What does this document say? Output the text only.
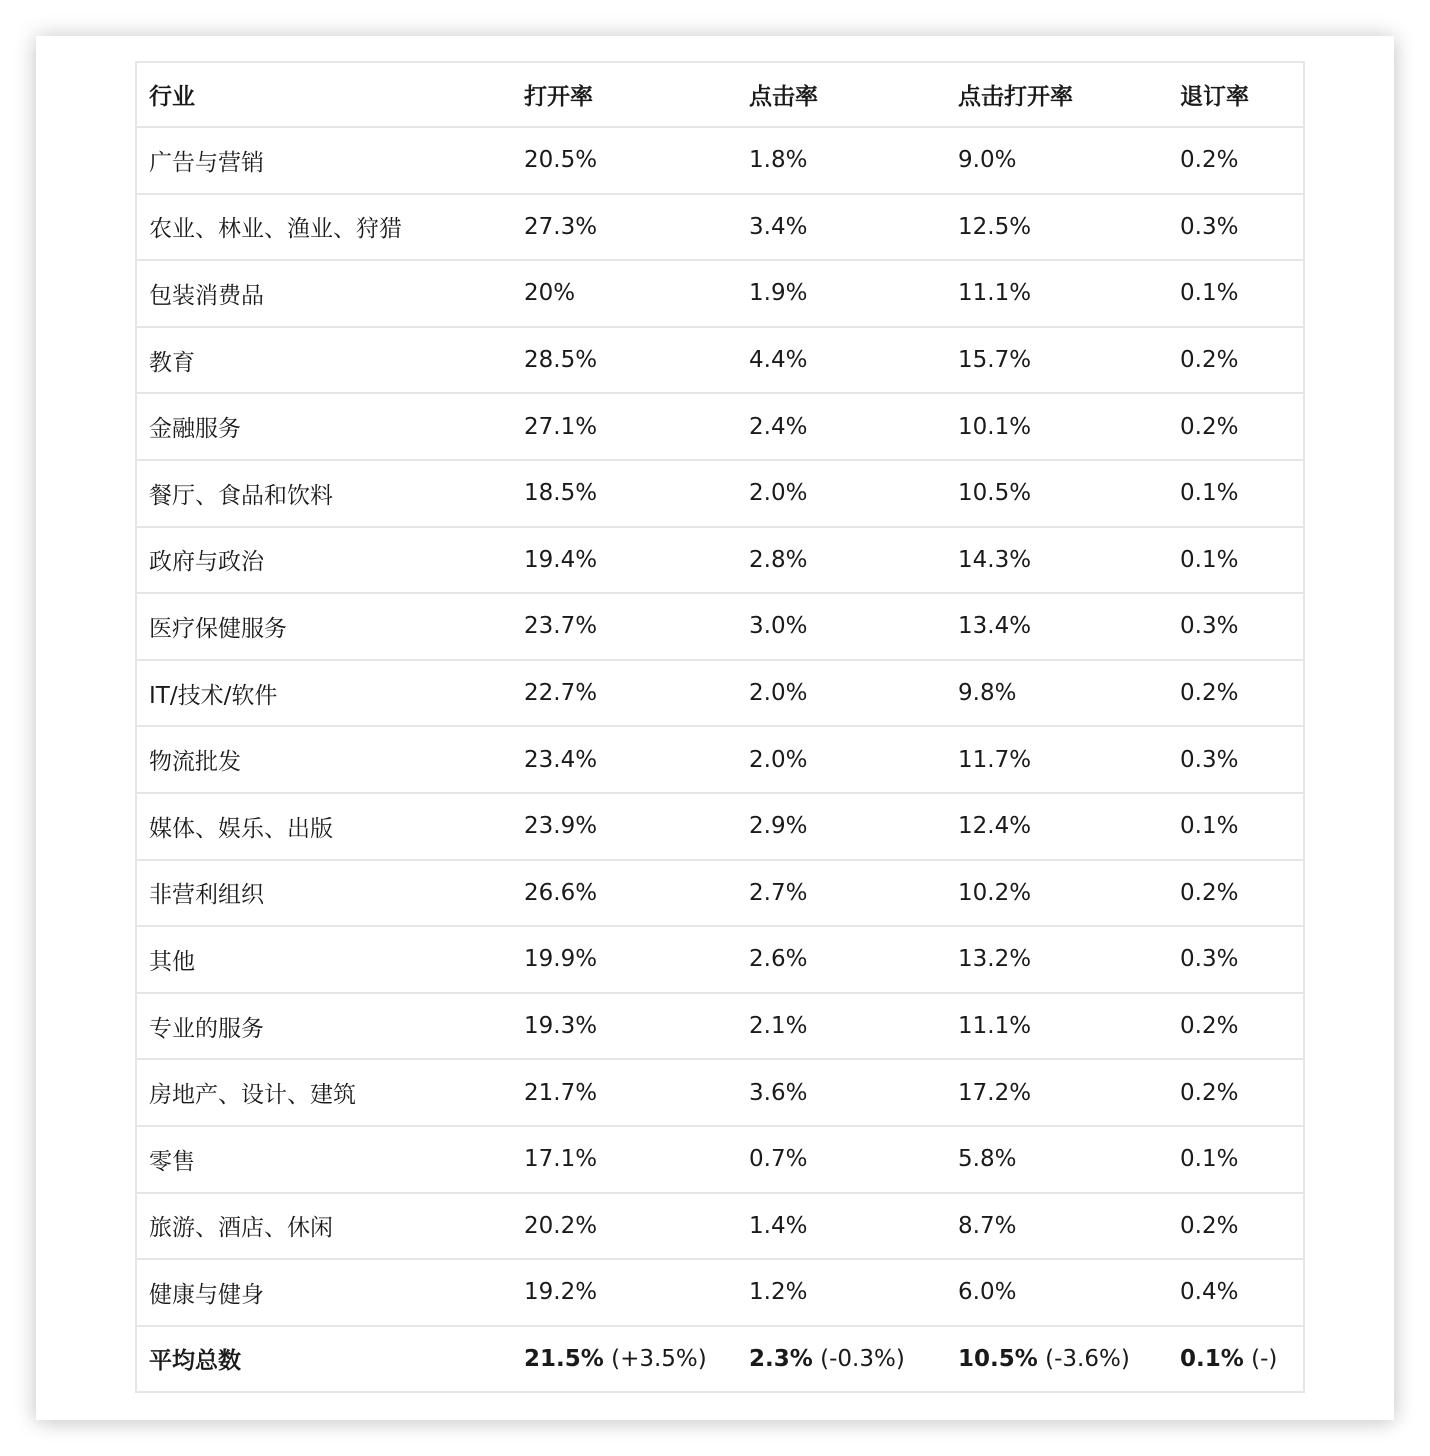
行业	打开率	点击率	点击打开率	退订率
广告与营销	20.5%	1.8%	9.0%	0.2%
农业、林业、渔业、狩猎	27.3%	3.4%	12.5%	0.3%
包装消费品	20%	1.9%	11.1%	0.1%
教育	28.5%	4.4%	15.7%	0.2%
金融服务	27.1%	2.4%	10.1%	0.2%
餐厅、食品和饮料	18.5%	2.0%	10.5%	0.1%
政府与政治	19.4%	2.8%	14.3%	0.1%
医疗保健服务	23.7%	3.0%	13.4%	0.3%
IT/技术/软件	22.7%	2.0%	9.8%	0.2%
物流批发	23.4%	2.0%	11.7%	0.3%
媒体、娱乐、出版	23.9%	2.9%	12.4%	0.1%
非营利组织	26.6%	2.7%	10.2%	0.2%
其他	19.9%	2.6%	13.2%	0.3%
专业的服务	19.3%	2.1%	11.1%	0.2%
房地产、设计、建筑	21.7%	3.6%	17.2%	0.2%
零售	17.1%	0.7%	5.8%	0.1%
旅游、酒店、休闲	20.2%	1.4%	8.7%	0.2%
健康与健身	19.2%	1.2%	6.0%	0.4%
平均总数	21.5% (+3.5%)	2.3% (-0.3%)	10.5% (-3.6%)	0.1% (-)
